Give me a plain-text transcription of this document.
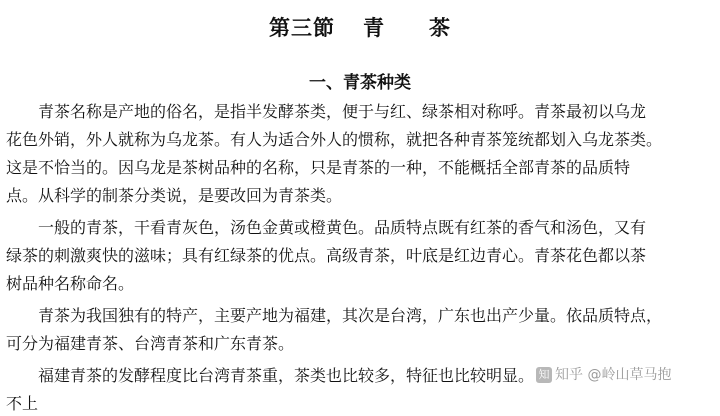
第三節 青　　茶
一、青茶种类
青茶名称是产地的俗名，是指半发酵茶类，便于与红、绿茶相对称呼。青茶最初以乌龙
花色外销，外人就称为乌龙茶。有人为适合外人的惯称，就把各种青茶笼统都划入乌龙茶类。
这是不恰当的。因乌龙是茶树品种的名称，只是青茶的一种，不能概括全部青茶的品质特
点。从科学的制茶分类说，是要改回为青茶类。
一般的青茶，干看青灰色，汤色金黄或橙黄色。品质特点既有红茶的香气和汤色，又有
绿茶的刺激爽快的滋味；具有红绿茶的优点。高级青茶，叶底是红边青心。青茶花色都以茶
树品种名称命名。
青茶为我国独有的特产，主要产地为福建，其次是台湾，广东也出产少量。依品质特点，
可分为福建青茶、台湾青茶和广东青茶。
福建青茶的发酵程度比台湾青茶重，茶类也比较多，特征也比较明显。
不上
知 知乎 @岭山草马抱
